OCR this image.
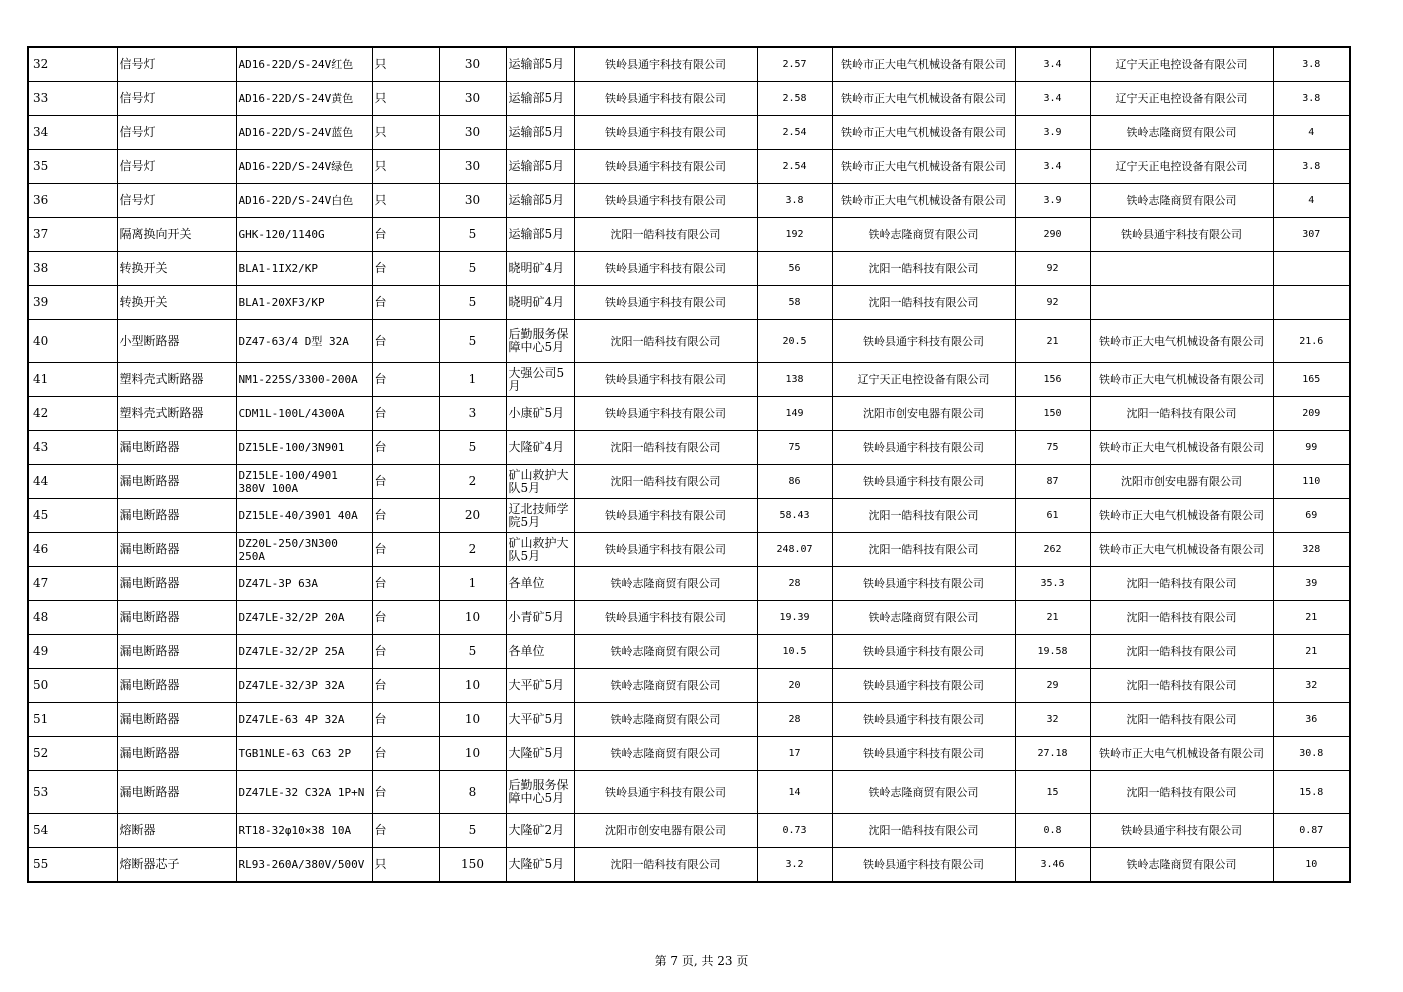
32	信号灯	AD16-22D/S-24V红色	只	30	运输部5月	铁岭县通宇科技有限公司	2.57	铁岭市正大电气机械设备有限公司	3.4	辽宁天正电控设备有限公司	3.8
33	信号灯	AD16-22D/S-24V黄色	只	30	运输部5月	铁岭县通宇科技有限公司	2.58	铁岭市正大电气机械设备有限公司	3.4	辽宁天正电控设备有限公司	3.8
34	信号灯	AD16-22D/S-24V蓝色	只	30	运输部5月	铁岭县通宇科技有限公司	2.54	铁岭市正大电气机械设备有限公司	3.9	铁岭志隆商贸有限公司	4
35	信号灯	AD16-22D/S-24V绿色	只	30	运输部5月	铁岭县通宇科技有限公司	2.54	铁岭市正大电气机械设备有限公司	3.4	辽宁天正电控设备有限公司	3.8
36	信号灯	AD16-22D/S-24V白色	只	30	运输部5月	铁岭县通宇科技有限公司	3.8	铁岭市正大电气机械设备有限公司	3.9	铁岭志隆商贸有限公司	4
37	隔离换向开关	GHK-120/1140G	台	5	运输部5月	沈阳一皓科技有限公司	192	铁岭志隆商贸有限公司	290	铁岭县通宇科技有限公司	307
38	转换开关	BLA1-1IX2/KP	台	5	晓明矿4月	铁岭县通宇科技有限公司	56	沈阳一皓科技有限公司	92		
39	转换开关	BLA1-20XF3/KP	台	5	晓明矿4月	铁岭县通宇科技有限公司	58	沈阳一皓科技有限公司	92		
40	小型断路器	DZ47-63/4 D型 32A	台	5	后勤服务保障中心5月	沈阳一皓科技有限公司	20.5	铁岭县通宇科技有限公司	21	铁岭市正大电气机械设备有限公司	21.6
41	塑料壳式断路器	NM1-225S/3300-200A	台	1	大强公司5月	铁岭县通宇科技有限公司	138	辽宁天正电控设备有限公司	156	铁岭市正大电气机械设备有限公司	165
42	塑料壳式断路器	CDM1L-100L/4300A	台	3	小康矿5月	铁岭县通宇科技有限公司	149	沈阳市创安电器有限公司	150	沈阳一皓科技有限公司	209
43	漏电断路器	DZ15LE-100/3N901	台	5	大隆矿4月	沈阳一皓科技有限公司	75	铁岭县通宇科技有限公司	75	铁岭市正大电气机械设备有限公司	99
44	漏电断路器	DZ15LE-100/4901 380V 100A	台	2	矿山救护大队5月	沈阳一皓科技有限公司	86	铁岭县通宇科技有限公司	87	沈阳市创安电器有限公司	110
45	漏电断路器	DZ15LE-40/3901 40A	台	20	辽北技师学院5月	铁岭县通宇科技有限公司	58.43	沈阳一皓科技有限公司	61	铁岭市正大电气机械设备有限公司	69
46	漏电断路器	DZ20L-250/3N300 250A	台	2	矿山救护大队5月	铁岭县通宇科技有限公司	248.07	沈阳一皓科技有限公司	262	铁岭市正大电气机械设备有限公司	328
47	漏电断路器	DZ47L-3P 63A	台	1	各单位	铁岭志隆商贸有限公司	28	铁岭县通宇科技有限公司	35.3	沈阳一皓科技有限公司	39
48	漏电断路器	DZ47LE-32/2P 20A	台	10	小青矿5月	铁岭县通宇科技有限公司	19.39	铁岭志隆商贸有限公司	21	沈阳一皓科技有限公司	21
49	漏电断路器	DZ47LE-32/2P 25A	台	5	各单位	铁岭志隆商贸有限公司	10.5	铁岭县通宇科技有限公司	19.58	沈阳一皓科技有限公司	21
50	漏电断路器	DZ47LE-32/3P 32A	台	10	大平矿5月	铁岭志隆商贸有限公司	20	铁岭县通宇科技有限公司	29	沈阳一皓科技有限公司	32
51	漏电断路器	DZ47LE-63 4P 32A	台	10	大平矿5月	铁岭志隆商贸有限公司	28	铁岭县通宇科技有限公司	32	沈阳一皓科技有限公司	36
52	漏电断路器	TGB1NLE-63 C63 2P	台	10	大隆矿5月	铁岭志隆商贸有限公司	17	铁岭县通宇科技有限公司	27.18	铁岭市正大电气机械设备有限公司	30.8
53	漏电断路器	DZ47LE-32 C32A 1P+N	台	8	后勤服务保障中心5月	铁岭县通宇科技有限公司	14	铁岭志隆商贸有限公司	15	沈阳一皓科技有限公司	15.8
54	熔断器	RT18-32φ10×38 10A	台	5	大隆矿2月	沈阳市创安电器有限公司	0.73	沈阳一皓科技有限公司	0.8	铁岭县通宇科技有限公司	0.87
55	熔断器芯子	RL93-260A/380V/500V	只	150	大隆矿5月	沈阳一皓科技有限公司	3.2	铁岭县通宇科技有限公司	3.46	铁岭志隆商贸有限公司	10
第 7 页, 共 23 页
